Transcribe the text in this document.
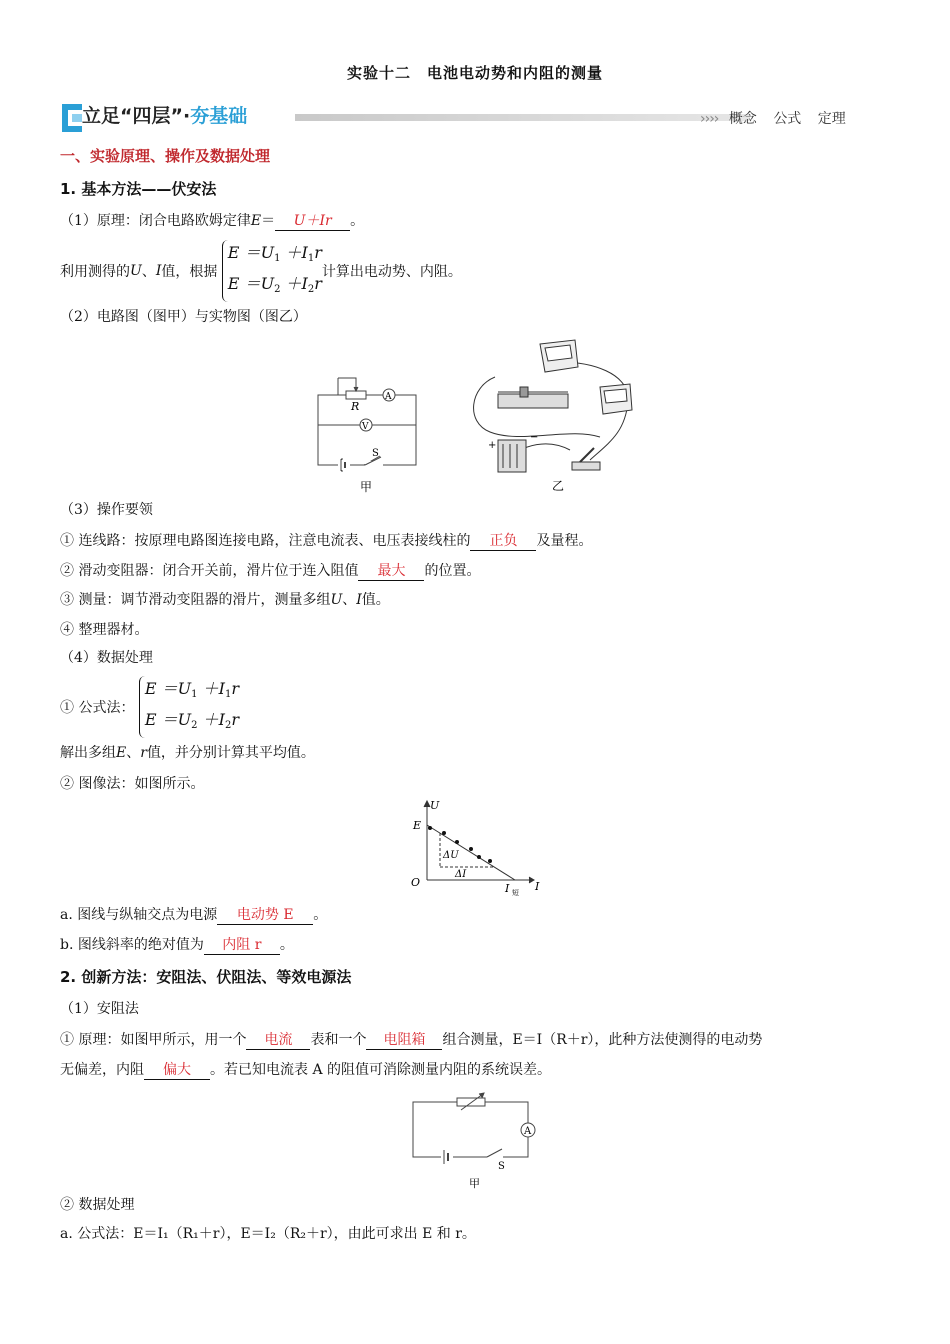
实验十二　电池电动势和内阻的测量
立足“四层”·夯基础	›››› 概念 公式 定理
一、实验原理、操作及数据处理
1. 基本方法——伏安法
（1）原理：闭合电路欧姆定律E＝ U＋Ir 。
利用测得的U、I值，根据 $E =U_1 +I_1r$
$E =U_2 +I_2r$计算出电动势、内阻。
（2）电路图（图甲）与实物图（图乙）
R
A
V
S
甲
+
−
乙
（3）操作要领
① 连线路：按原理电路图连接电路，注意电流表、电压表接线柱的 正负 及量程。
② 滑动变阻器：闭合开关前，滑片位于连入阻值 最大 的位置。
③ 测量：调节滑动变阻器的滑片，测量多组U、I值。
④ 整理器材。
（4）数据处理
① 公式法： $E =U_1 +I_1r$
$E =U_2 +I_2r$
解出多组E、r值，并分别计算其平均值。
② 图像法：如图所示。
U
E
O	I
I 短
ΔU
ΔI
a. 图线与纵轴交点为电源 电动势 E 。
b. 图线斜率的绝对值为 内阻 r 。
2. 创新方法：安阻法、伏阻法、等效电源法
（1）安阻法
① 原理：如图甲所示，用一个 电流 表和一个 电阻箱 组合测量，E＝I（R＋r），此种方法使测得的电动势
无偏差，内阻 偏大 。若已知电流表 A 的阻值可消除测量内阻的系统误差。
A
S
甲
② 数据处理
a. 公式法：E＝I₁（R₁＋r），E＝I₂（R₂＋r），由此可求出 E 和 r。
